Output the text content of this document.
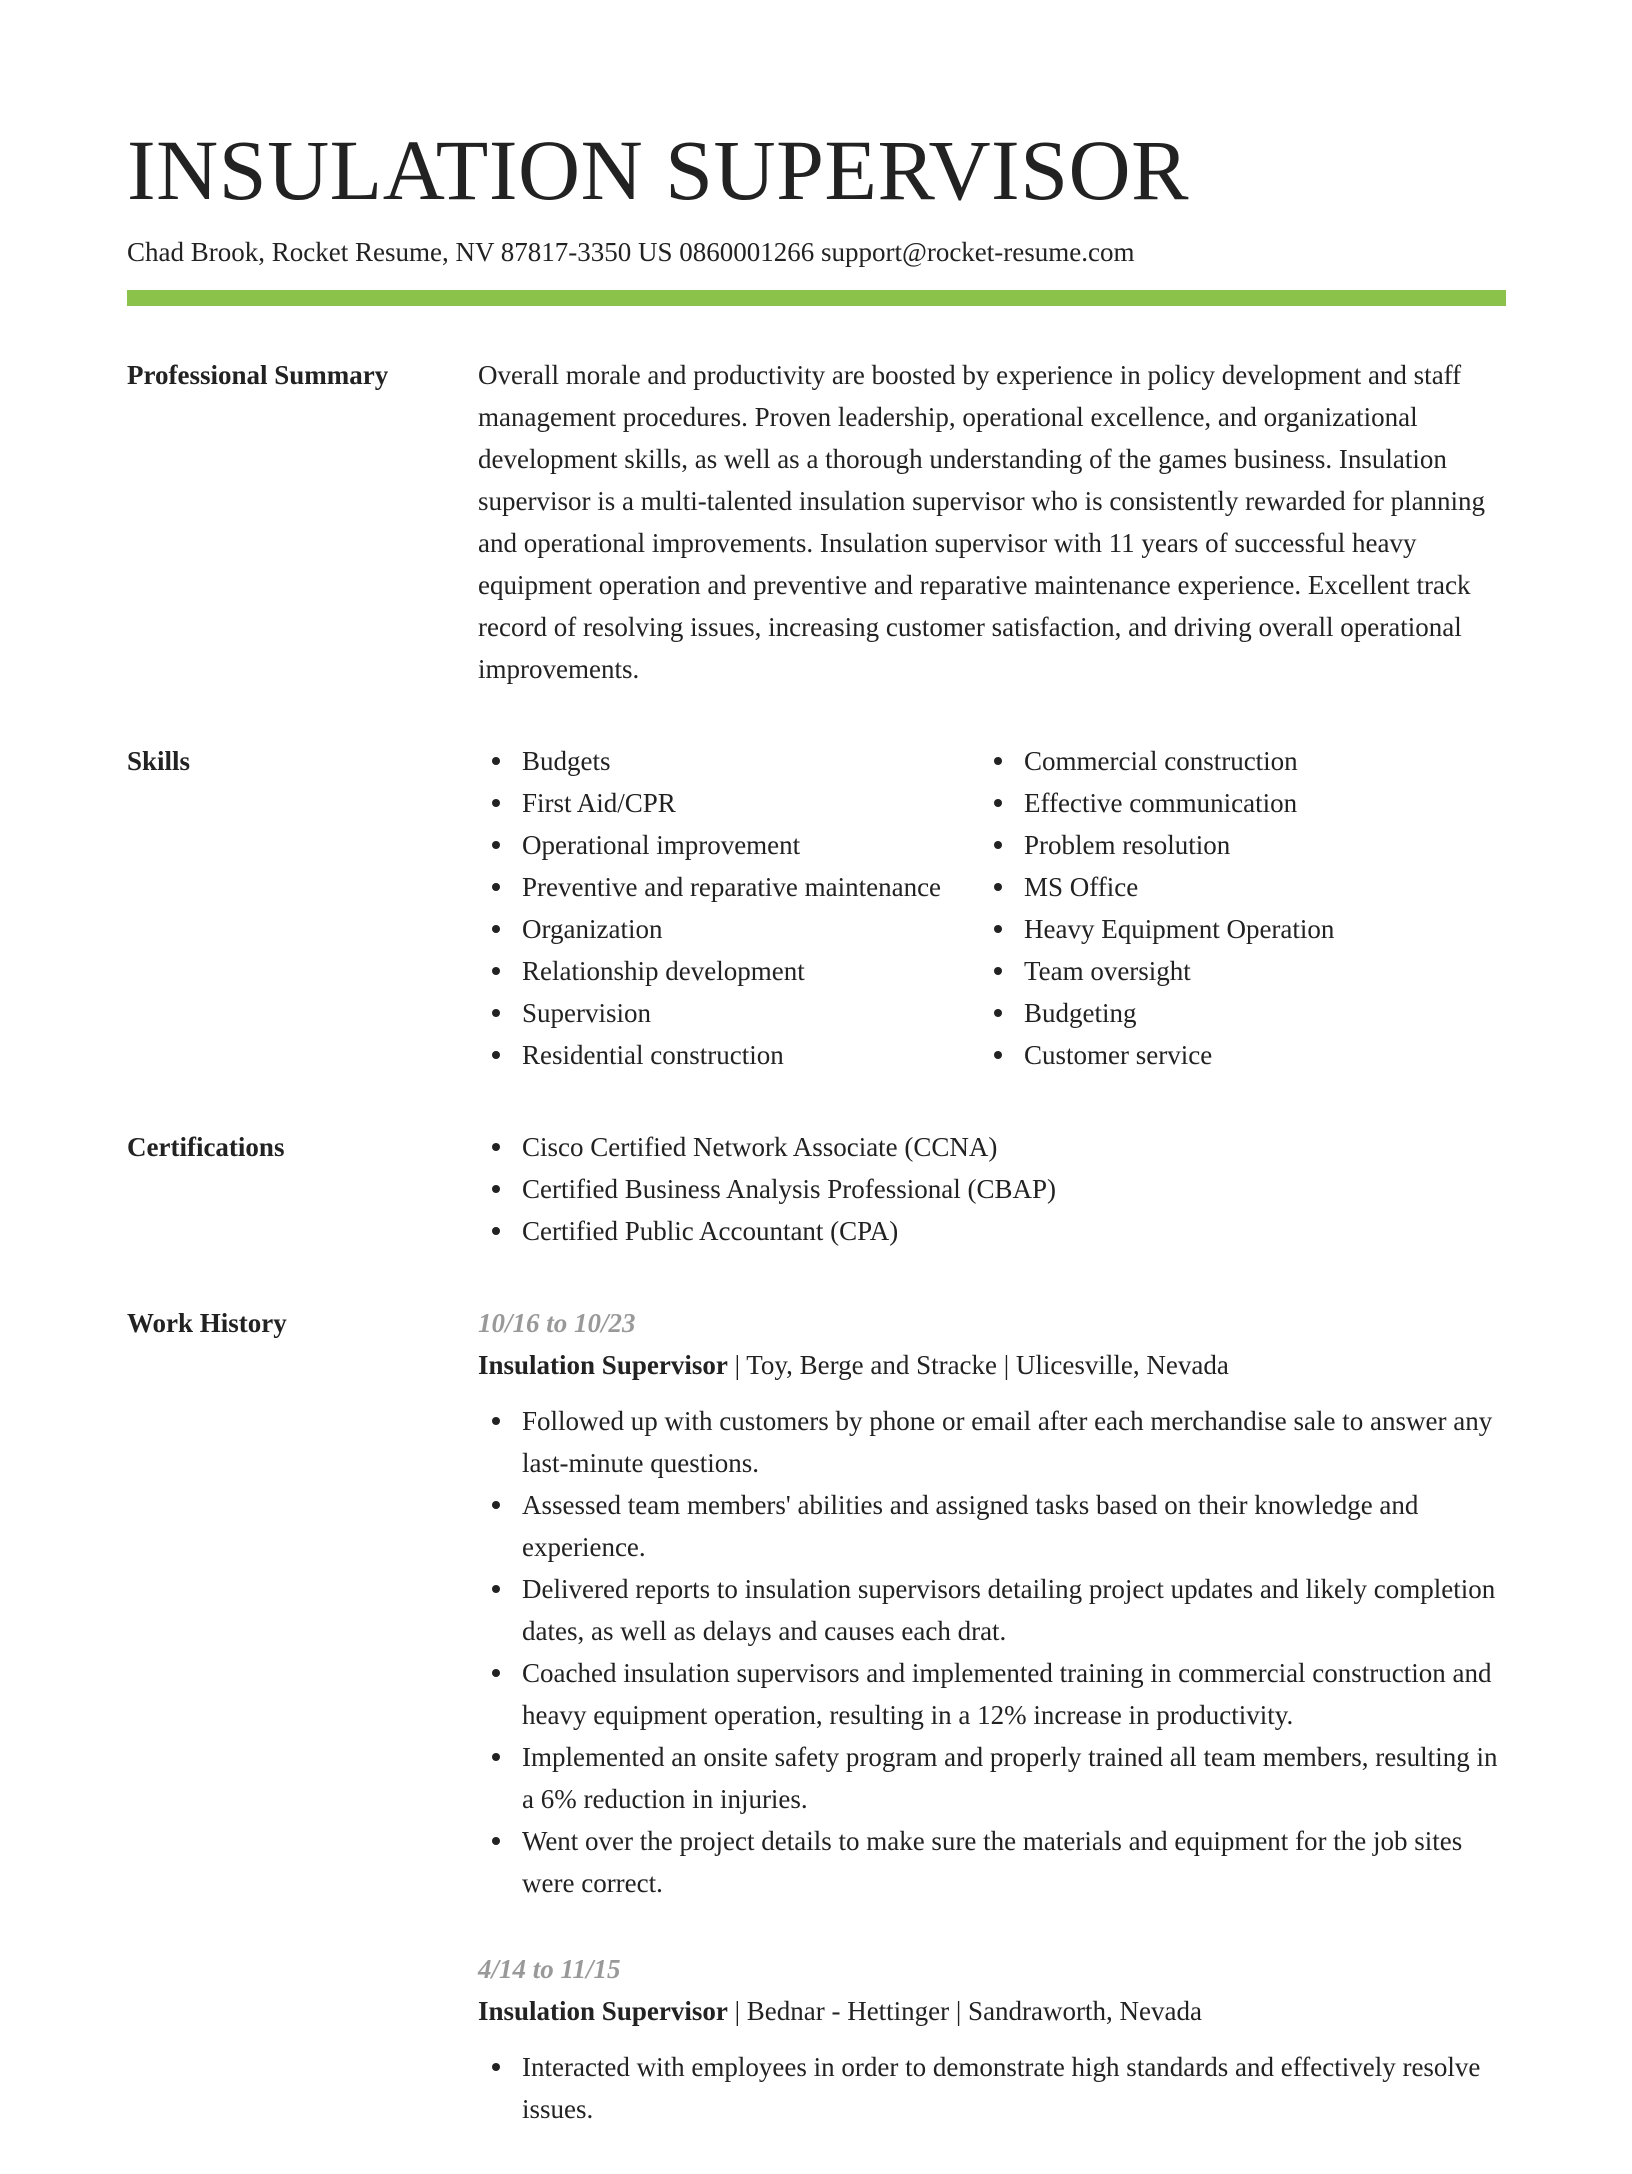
INSULATION SUPERVISOR
Chad Brook, Rocket Resume, NV 87817-3350 US 0860001266 support@rocket-resume.com
Professional Summary	Overall morale and productivity are boosted by experience in policy development and staff management procedures. Proven leadership, operational excellence, and organizational development skills, as well as a thorough understanding of the games business. Insulation supervisor is a multi-talented insulation supervisor who is consistently rewarded for planning and operational improvements. Insulation supervisor with 11 years of successful heavy equipment operation and preventive and reparative maintenance experience. Excellent track record of resolving issues, increasing customer satisfaction, and driving overall operational improvements.

Skills	Budgets
First Aid/CPR
Operational improvement
Preventive and reparative maintenance
Organization
Relationship development
Supervision
Residential construction
Commercial construction
Effective communication
Problem resolution
MS Office
Heavy Equipment Operation
Team oversight
Budgeting
Customer service
Certifications	Cisco Certified Network Associate (CCNA)
Certified Business Analysis Professional (CBAP)
Certified Public Accountant (CPA)
Work History	10/16 to 10/23
Insulation Supervisor | Toy, Berge and Stracke | Ulicesville, Nevada
Followed up with customers by phone or email after each merchandise sale to answer any last-minute questions.
Assessed team members' abilities and assigned tasks based on their knowledge and experience.
Delivered reports to insulation supervisors detailing project updates and likely completion dates, as well as delays and causes each drat.
Coached insulation supervisors and implemented training in commercial construction and heavy equipment operation, resulting in a 12% increase in productivity.
Implemented an onsite safety program and properly trained all team members, resulting in a 6% reduction in injuries.
Went over the project details to make sure the materials and equipment for the job sites were correct.
4/14 to 11/15
Insulation Supervisor | Bednar - Hettinger | Sandraworth, Nevada
Interacted with employees in order to demonstrate high standards and effectively resolve issues.
